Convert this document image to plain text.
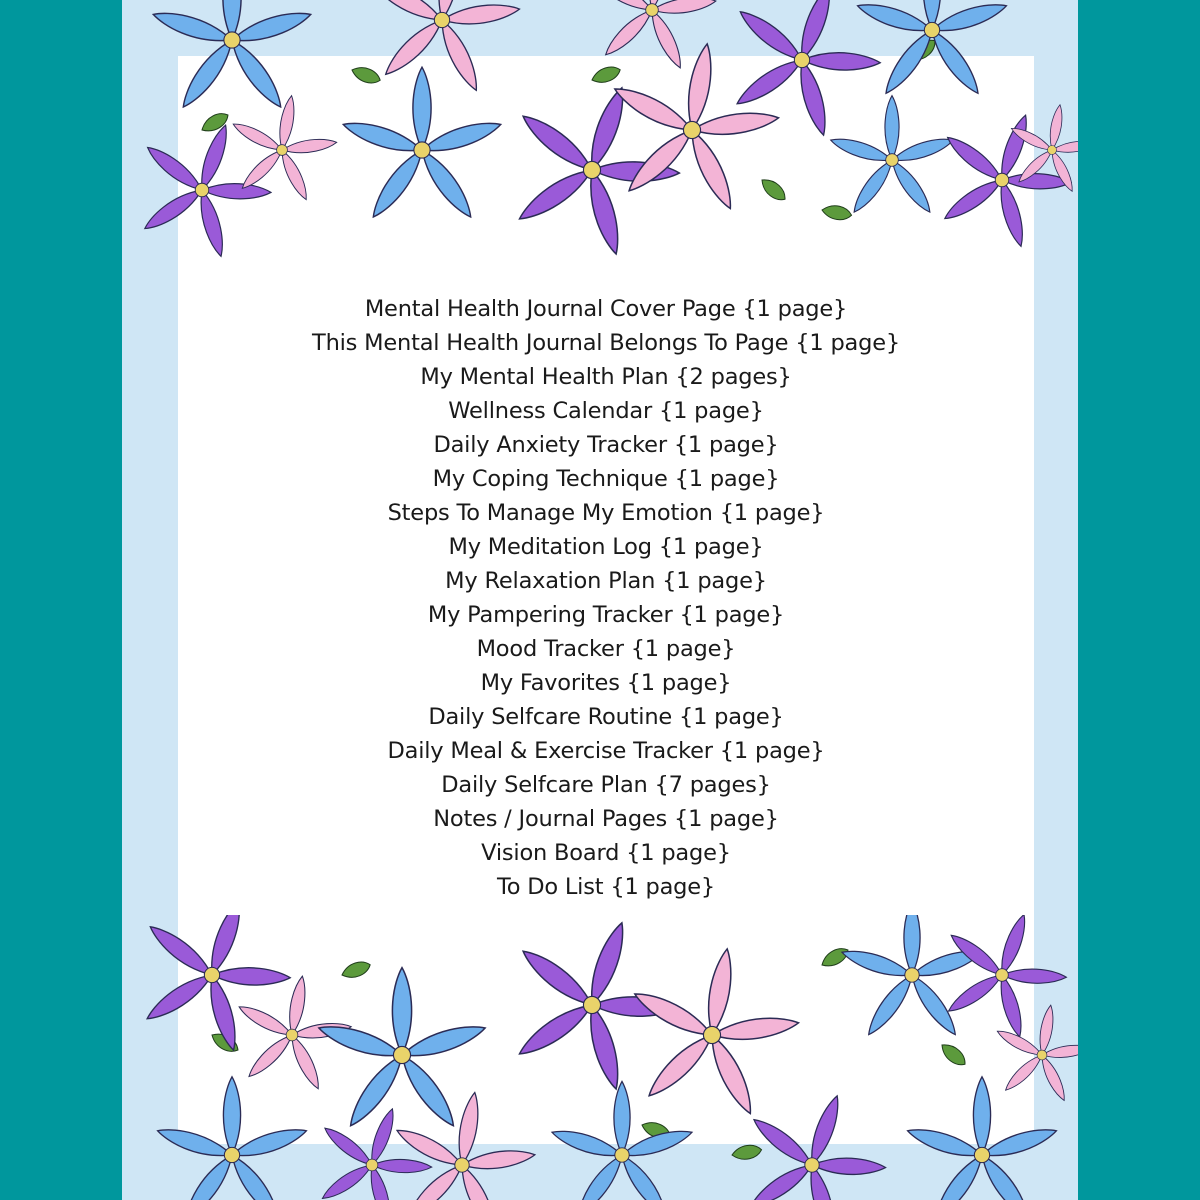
Mental Health Journal Cover Page {1 page}
This Mental Health Journal Belongs To Page {1 page}
My Mental Health Plan {2 pages}
Wellness Calendar {1 page}
Daily Anxiety Tracker {1 page}
My Coping Technique {1 page}
Steps To Manage My Emotion {1 page}
My Meditation Log {1 page}
My Relaxation Plan {1 page}
My Pampering Tracker {1 page}
Mood Tracker {1 page}
My Favorites {1 page}
Daily Selfcare Routine {1 page}
Daily Meal & Exercise Tracker {1 page}
Daily Selfcare Plan {7 pages}
Notes / Journal Pages {1 page}
Vision Board {1 page}
To Do List {1 page}
